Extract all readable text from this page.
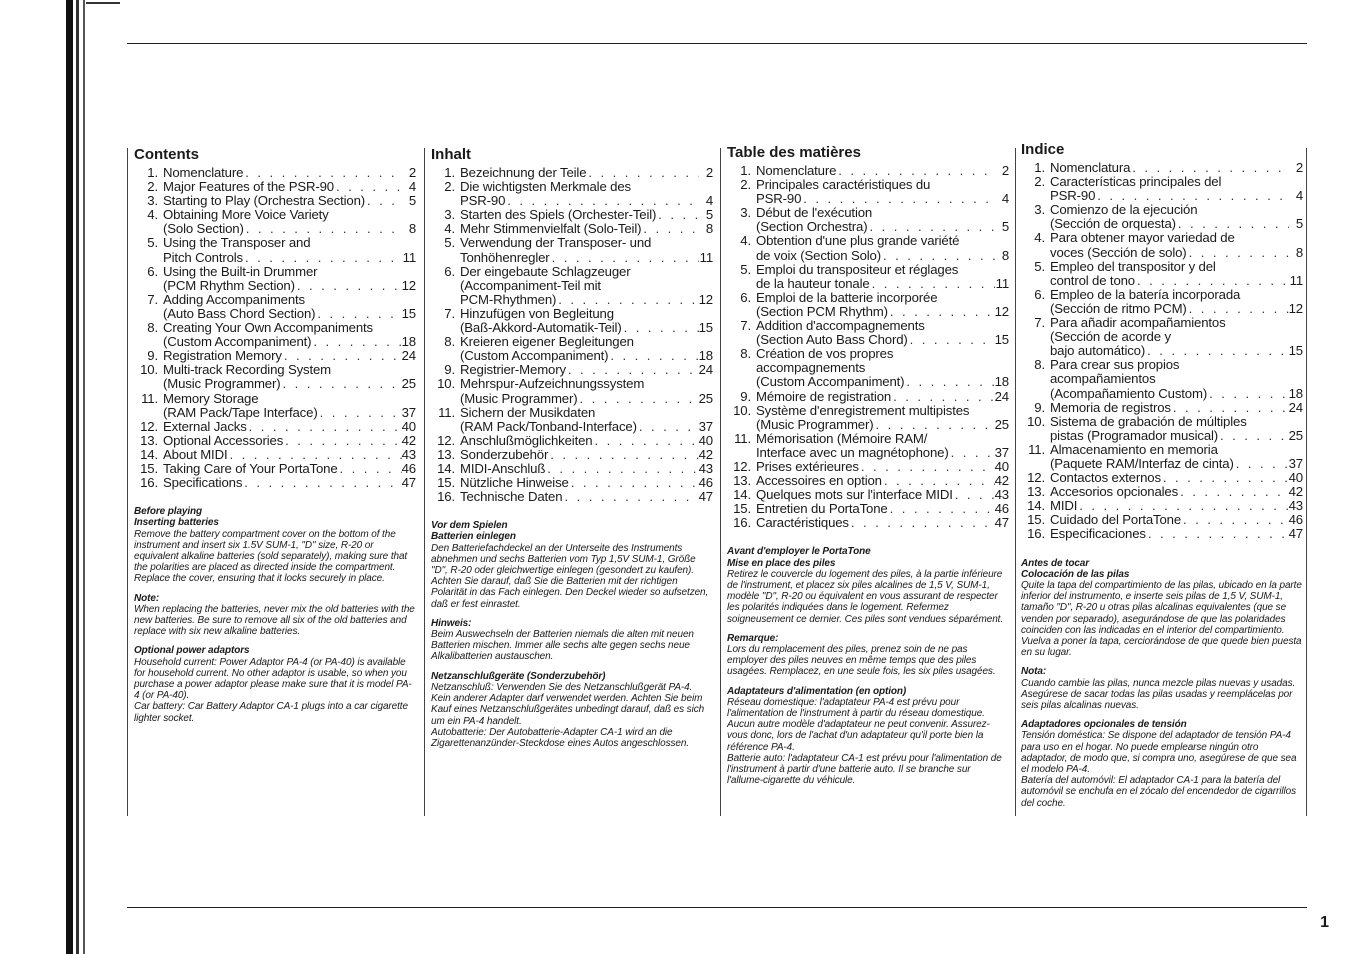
1
Contents
1. Nomenclature . . .	2
2. Major Features of the PSR-90 . . .	4
3. Starting to Play (Orchestra Section) . . .	5
4. Obtaining More Voice Variety
(Solo Section) . . .	8
5. Using the Transposer and
Pitch Controls . . .	11
6. Using the Built-in Drummer
(PCM Rhythm Section) . . .	12
7. Adding Accompaniments
(Auto Bass Chord Section) . . .	15
8. Creating Your Own Accompaniments
(Custom Accompaniment) . . .	18
9. Registration Memory . . .	24
10. Multi-track Recording System
(Music Programmer) . . .	25
11. Memory Storage
(RAM Pack/Tape Interface) . . .	37
12. External Jacks . . .	40
13. Optional Accessories . . .	42
14. About MIDI . . .	43
15. Taking Care of Your PortaTone . . .	46
16. Specifications . . .	47
Before playing
Inserting batteries

Remove the battery compartment cover on the bottom of the instrument and insert six 1.5V SUM-1, "D" size, R-20 or equivalent alkaline batteries (sold separately), making sure that the polarities are placed as directed inside the compartment. Replace the cover, ensuring that it locks securely in place.

Note:

When replacing the batteries, never mix the old batteries with the new batteries. Be sure to remove all six of the old batteries and replace with six new alkaline batteries.

Optional power adaptors

Household current: Power Adaptor PA-4 (or PA-40) is available for household current. No other adaptor is usable, so when you purchase a power adaptor please make sure that it is model PA-4 (or PA-40).

Car battery: Car Battery Adaptor CA-1 plugs into a car cigarette lighter socket.

Inhalt
1. Bezeichnung der Teile . . .	2
2. Die wichtigsten Merkmale des
PSR-90 . . .	4
3. Starten des Spiels (Orchester-Teil) . . .	5
4. Mehr Stimmenvielfalt (Solo-Teil) . . .	8
5. Verwendung der Transposer- und
Tonhöhenregler . . .	11
6. Der eingebaute Schlagzeuger
(Accompaniment-Teil mit
PCM-Rhythmen) . . .	12
7. Hinzufügen von Begleitung
(Baß-Akkord-Automatik-Teil) . . .	15
8. Kreieren eigener Begleitungen
(Custom Accompaniment) . . .	18
9. Registrier-Memory . . .	24
10. Mehrspur-Aufzeichnungssystem
(Music Programmer) . . .	25
11. Sichern der Musikdaten
(RAM Pack/Tonband-Interface) . . .	37
12. Anschlußmöglichkeiten . . .	40
13. Sonderzubehör . . .	42
14. MIDI-Anschluß . . .	43
15. Nützliche Hinweise . . .	46
16. Technische Daten . . .	47
Vor dem Spielen
Batterien einlegen

Den Batteriefachdeckel an der Unterseite des Instruments abnehmen und sechs Batterien vom Typ 1,5V SUM-1, Größe "D", R-20 oder gleichwertige einlegen (gesondert zu kaufen). Achten Sie darauf, daß Sie die Batterien mit der richtigen Polarität in das Fach einlegen. Den Deckel wieder so aufsetzen, daß er fest einrastet.

Hinweis:

Beim Auswechseln der Batterien niemals die alten mit neuen Batterien mischen. Immer alle sechs alte gegen sechs neue Alkalibatterien austauschen.

Netzanschlußgeräte (Sonderzubehör)

Netzanschluß: Verwenden Sie des Netzanschlußgerät PA-4. Kein anderer Adapter darf verwendet werden. Achten Sie beim Kauf eines Netzanschlußgerätes unbedingt darauf, daß es sich um ein PA-4 handelt.

Autobatterie: Der Autobatterie-Adapter CA-1 wird an die Zigarettenanzünder-Steckdose eines Autos angeschlossen.

Table des matières
1. Nomenclature . . .	2
2. Principales caractéristiques du
PSR-90 . . .	4
3. Début de l'exécution
(Section Orchestra) . . .	5
4. Obtention d'une plus grande variété
de voix (Section Solo) . . .	8
5. Emploi du transpositeur et réglages
de la hauteur tonale . . .	11
6. Emploi de la batterie incorporée
(Section PCM Rhythm) . . .	12
7. Addition d'accompagnements
(Section Auto Bass Chord) . . .	15
8. Création de vos propres
accompagnements
(Custom Accompaniment) . . .	18
9. Mémoire de registration . . .	24
10. Système d'enregistrement multipistes
(Music Programmer) . . .	25
11. Mémorisation (Mémoire RAM/
Interface avec un magnétophone) . . .	37
12. Prises extérieures . . .	40
13. Accessoires en option . . .	42
14. Quelques mots sur l'interface MIDI . . .	43
15. Entretien du PortaTone . . .	46
16. Caractéristiques . . .	47
Avant d'employer le PortaTone
Mise en place des piles

Retirez le couvercle du logement des piles, à la partie inférieure de l'instrument, et placez six piles alcalines de 1,5 V, SUM-1, modèle "D", R-20 ou équivalent en vous assurant de respecter les polarités indiquées dans le logement. Refermez soigneusement ce dernier. Ces piles sont vendues séparément.

Remarque:

Lors du remplacement des piles, prenez soin de ne pas employer des piles neuves en même temps que des piles usagées. Remplacez, en une seule fois, les six piles usagées.

Adaptateurs d'alimentation (en option)

Réseau domestique: l'adaptateur PA-4 est prévu pour l'alimentation de l'instrument à partir du réseau domestique. Aucun autre modèle d'adaptateur ne peut convenir. Assurez-vous donc, lors de l'achat d'un adaptateur qu'il porte bien la référence PA-4.

Batterie auto: l'adaptateur CA-1 est prévu pour l'alimentation de l'instrument à partir d'une batterie auto. Il se branche sur l'allume-cigarette du véhicule.

Indice
1. Nomenclatura . . .	2
2. Características principales del
PSR-90 . . .	4
3. Comienzo de la ejecución
(Sección de orquesta) . . .	5
4. Para obtener mayor variedad de
voces (Sección de solo) . . .	8
5. Empleo del transpositor y del
control de tono . . .	11
6. Empleo de la batería incorporada
(Sección de ritmo PCM) . . .	12
7. Para añadir acompañamientos
(Sección de acorde y
bajo automático) . . .	15
8. Para crear sus propios
acompañamientos
(Acompañamiento Custom) . . .	18
9. Memoria de registros . . .	24
10. Sistema de grabación de múltiples
pistas (Programador musical) . . .	25
11. Almacenamiento en memoria
(Paquete RAM/Interfaz de cinta) . . .	37
12. Contactos externos . . .	40
13. Accesorios opcionales . . .	42
14. MIDI . . .	43
15. Cuidado del PortaTone . . .	46
16. Especificaciones . . .	47
Antes de tocar
Colocación de las pilas

Quite la tapa del compartimiento de las pilas, ubicado en la parte inferior del instrumento, e inserte seis pilas de 1,5 V, SUM-1, tamaño "D", R-20 u otras pilas alcalinas equivalentes (que se venden por separado), asegurándose de que las polaridades coinciden con las indicadas en el interior del compartimiento. Vuelva a poner la tapa, cerciorándose de que quede bien puesta en su lugar.

Nota:

Cuando cambie las pilas, nunca mezcle pilas nuevas y usadas. Asegúrese de sacar todas las pilas usadas y reemplácelas por seis pilas alcalinas nuevas.

Adaptadores opcionales de tensión

Tensión doméstica: Se dispone del adaptador de tensión PA-4 para uso en el hogar. No puede emplearse ningún otro adaptador, de modo que, si compra uno, asegúrese de que sea el modelo PA-4.

Batería del automóvil: El adaptador CA-1 para la batería del automóvil se enchufa en el zócalo del encendedor de cigarrillos del coche.
